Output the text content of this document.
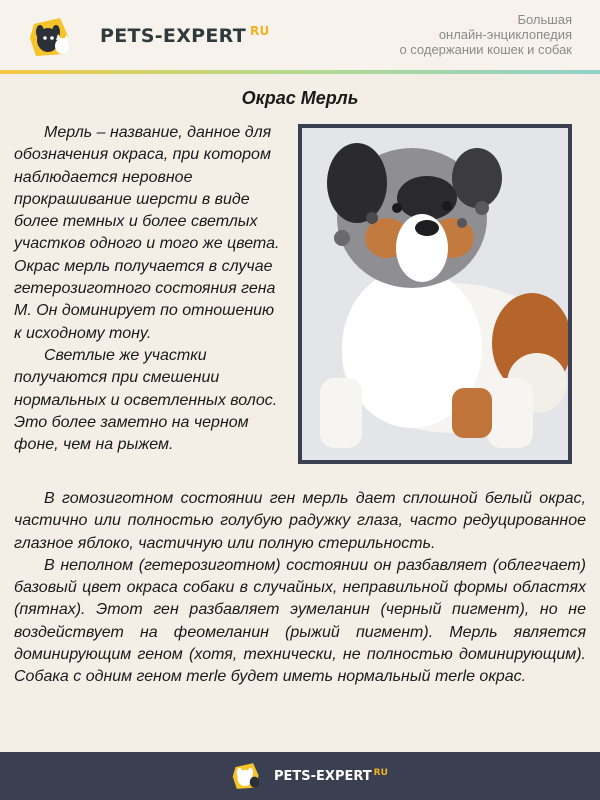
PETS-EXPERT $^{RU}$
Большая
онлайн-энциклопедия
о содержании кошек и собак
Окрас Мерль

Мерль – название, данное для обозначения окраса, при котором наблюдается неровное прокрашивание шерсти в виде более темных и более светлых участков одного и того же цвета. Окрас мерль получается в случае гетерозиготного состояния гена М. Он доминирует по отношению к исходному тону.

Светлые же участки получаются при смешении нормальных и осветленных волос. Это более заметно на черном фоне, чем на рыжем.

В гомозиготном состоянии ген мерль дает сплошной белый окрас, частично или полностью голубую радужку глаза, часто редуцированное глазное яблоко, частичную или полную стерильность.

В неполном (гетерозиготном) состоянии он разбавляет (облегчает) базовый цвет окраса собаки в случайных, неправильной формы областях (пятнах). Этот ген разбавляет эумеланин (черный пигмент), но не воздействует на феомеланин (рыжий пигмент). Мерль является доминирующим геном (хотя, технически, не полностью доминирующим). Собака с одним геном merle будет иметь нормальный merle окрас.

PETS-EXPERT $^{RU}$
